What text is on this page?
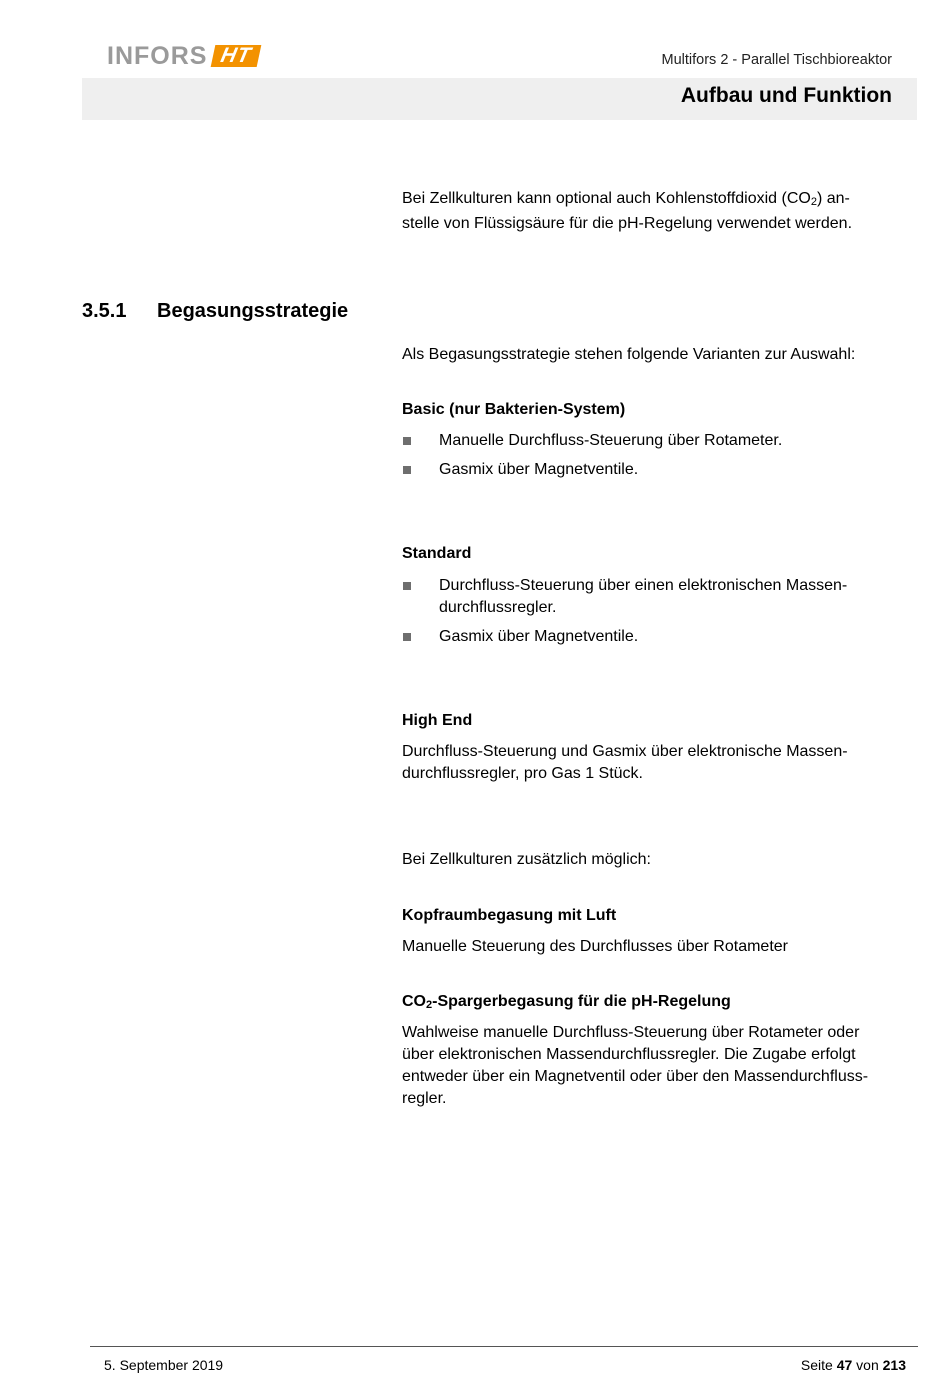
INFORS HT	Multifors 2 - Parallel Tischbioreaktor
Aufbau und Funktion
Bei Zellkulturen kann optional auch Kohlenstoffdioxid $(CO_2)$ an-
stelle von Flüssigsäure für die pH-Regelung verwendet werden.
3.5.1 Begasungsstrategie
Als Begasungsstrategie stehen folgende Varianten zur Auswahl:
Basic (nur Bakterien-System)
Manuelle Durchfluss-Steuerung über Rotameter.
Gasmix über Magnetventile.
Standard
Durchfluss-Steuerung über einen elektronischen Massen-
durchflussregler.
Gasmix über Magnetventile.
High End
Durchfluss-Steuerung und Gasmix über elektronische Massen-
durchflussregler, pro Gas 1 Stück.
Bei Zellkulturen zusätzlich möglich:
Kopfraumbegasung mit Luft
Manuelle Steuerung des Durchflusses über Rotameter
$CO_2$-Spargerbegasung für die pH-Regelung
Wahlweise manuelle Durchfluss-Steuerung über Rotameter oder
über elektronischen Massendurchflussregler. Die Zugabe erfolgt
entweder über ein Magnetventil oder über den Massendurchfluss-
regler.
5. September 2019	Seite 47 von 213
